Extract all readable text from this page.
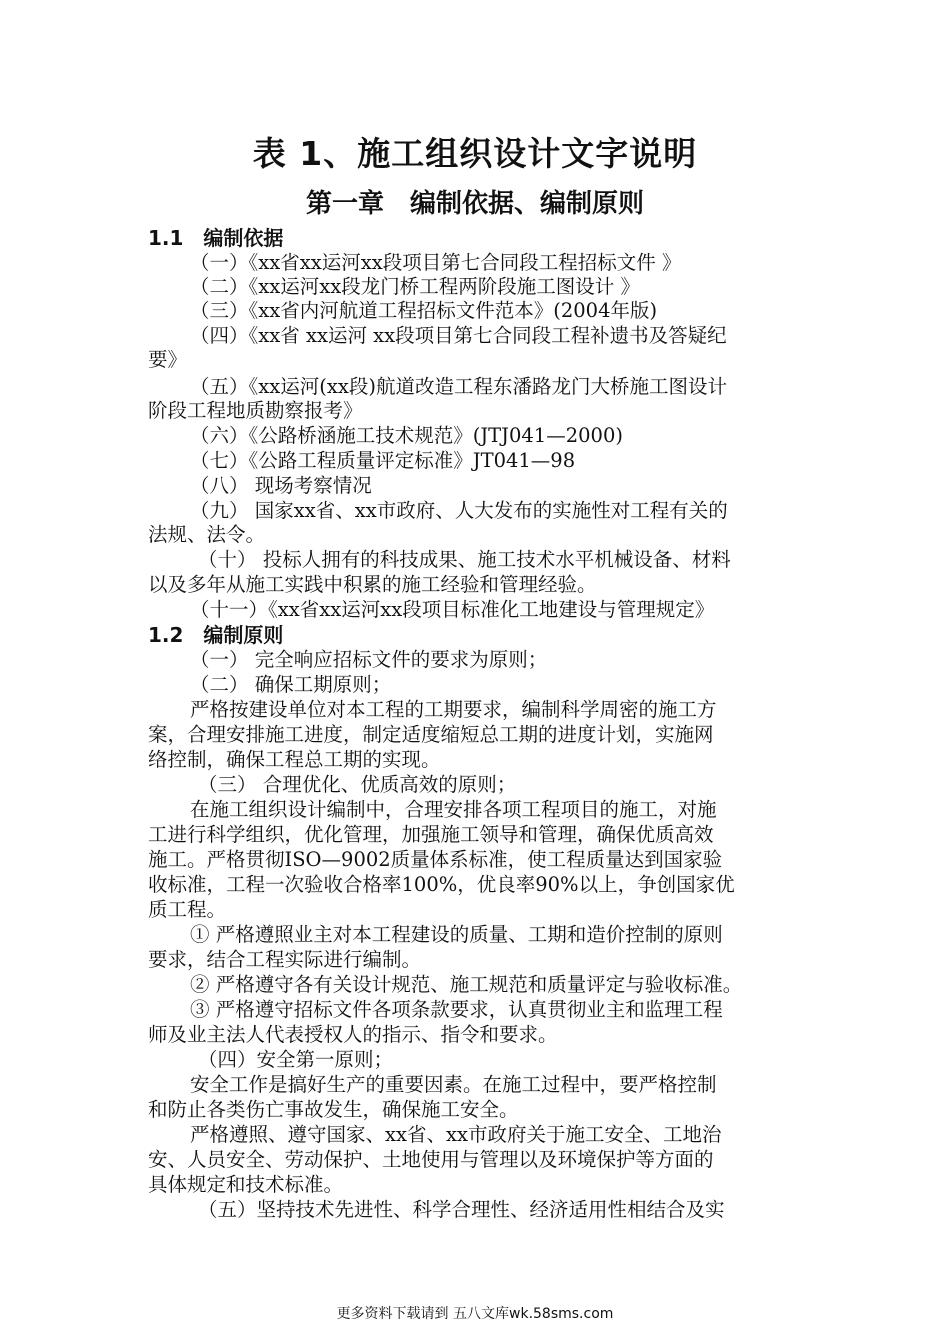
表 1、施工组织设计文字说明
第一章　编制依据、编制原则
1.1　编制依据
（一）《xx省xx运河xx段项目第七合同段工程招标文件 》
（二）《xx运河xx段龙门桥工程两阶段施工图设计 》
（三）《xx省内河航道工程招标文件范本》(2004年版)
（四）《xx省 xx运河 xx段项目第七合同段工程补遗书及答疑纪
要》
（五）《xx运河(xx段)航道改造工程东潘路龙门大桥施工图设计
阶段工程地质勘察报考》
（六）《公路桥涵施工技术规范》(JTJ041—2000)
（七）《公路工程质量评定标准》JT041—98
（八） 现场考察情况
（九） 国家xx省、xx市政府、人大发布的实施性对工程有关的
法规、法令。
（十） 投标人拥有的科技成果、施工技术水平机械设备、材料
以及多年从施工实践中积累的施工经验和管理经验。
（十一）《xx省xx运河xx段项目标准化工地建设与管理规定》
1.2　编制原则
（一） 完全响应招标文件的要求为原则；
（二） 确保工期原则；
严格按建设单位对本工程的工期要求，编制科学周密的施工方
案，合理安排施工进度，制定适度缩短总工期的进度计划，实施网
络控制，确保工程总工期的实现。
（三） 合理优化、优质高效的原则；
在施工组织设计编制中，合理安排各项工程项目的施工，对施
工进行科学组织，优化管理，加强施工领导和管理，确保优质高效
施工。严格贯彻ISO—9002质量体系标准，使工程质量达到国家验
收标准，工程一次验收合格率100%，优良率90%以上，争创国家优
质工程。
① 严格遵照业主对本工程建设的质量、工期和造价控制的原则
要求，结合工程实际进行编制。
② 严格遵守各有关设计规范、施工规范和质量评定与验收标准。
③ 严格遵守招标文件各项条款要求，认真贯彻业主和监理工程
师及业主法人代表授权人的指示、指令和要求。
（四）安全第一原则；
安全工作是搞好生产的重要因素。在施工过程中，要严格控制
和防止各类伤亡事故发生，确保施工安全。
严格遵照、遵守国家、xx省、xx市政府关于施工安全、工地治
安、人员安全、劳动保护、土地使用与管理以及环境保护等方面的
具体规定和技术标准。
（五）坚持技术先进性、科学合理性、经济适用性相结合及实
更多资料下载请到 五八文库wk.58sms.com
